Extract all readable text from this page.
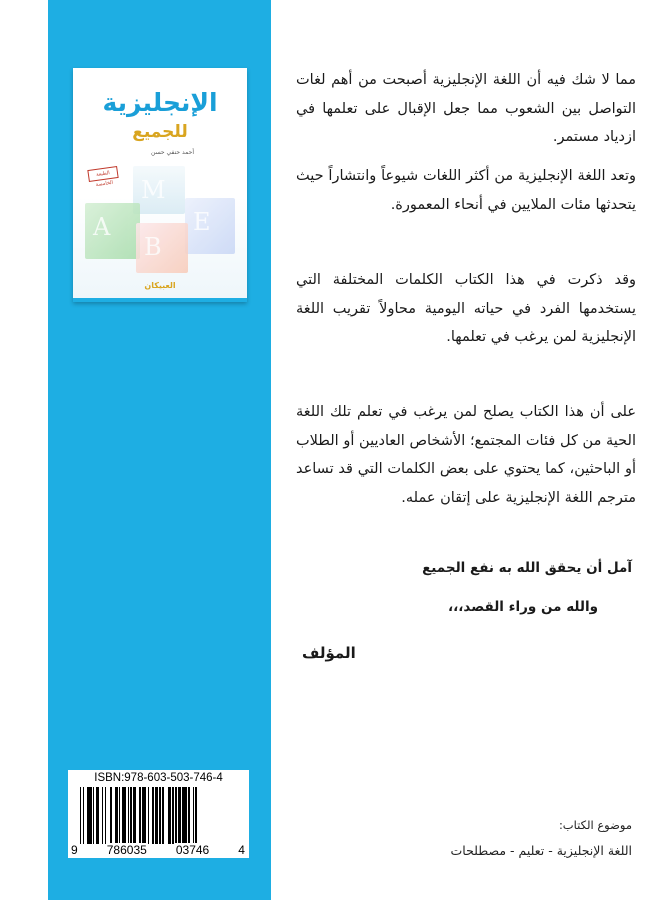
الإنجليزية
للجميع
أحمد حنفي حسن
الطبعة الخامسة M
A	E
B
العبيكان
مما لا شك فيه أن اللغة الإنجليزية أصبحت من أهم لغات التواصل بين الشعوب مما جعل الإقبال على تعلمها في ازدياد مستمر.
وتعد اللغة الإنجليزية من أكثر اللغات شيوعاً وانتشاراً حيث يتحدثها مئات الملايين في أنحاء المعمورة.
وقد ذكرت في هذا الكتاب الكلمات المختلفة التي يستخدمها الفرد في حياته اليومية محاولاً تقريب اللغة الإنجليزية لمن يرغب في تعلمها.
على أن هذا الكتاب يصلح لمن يرغب في تعلم تلك اللغة الحية من كل فئات المجتمع؛ الأشخاص العاديين أو الطلاب أو الباحثين، كما يحتوي على بعض الكلمات التي قد تساعد مترجم اللغة الإنجليزية على إتقان عمله.
آمل أن يحقق الله به نفع الجميع
والله من وراء القصد،،،
المؤلف
ISBN:978-603-503-746-4
9 786035 03746 4
موضوع الكتاب:
اللغة الإنجليزية - تعليم - مصطلحات
